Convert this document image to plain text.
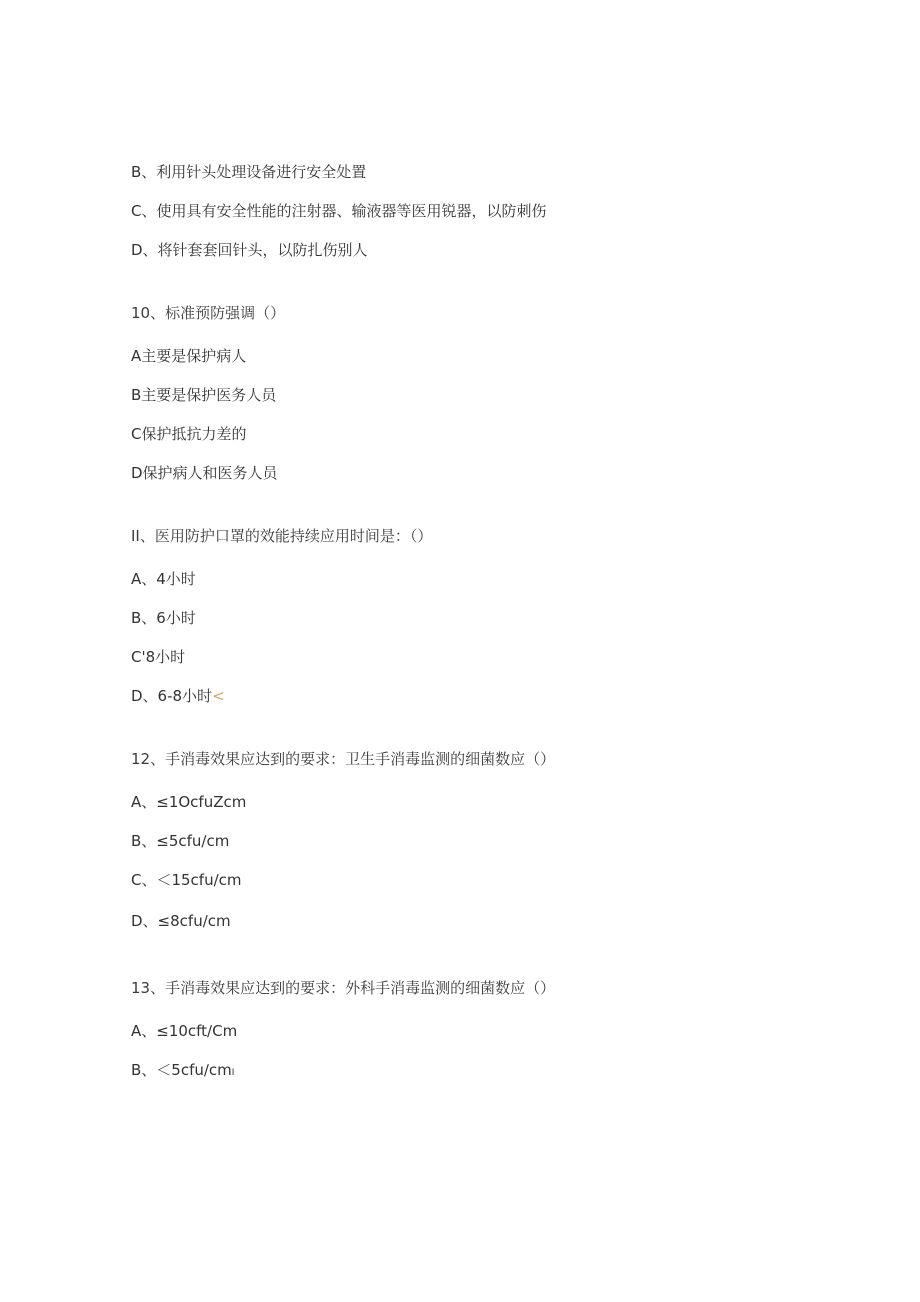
B、利用针头处理设备进行安全处置
C、使用具有安全性能的注射器、输液器等医用锐器，以防刺伤
D、将针套套回针头，以防扎伤别人
10、标准预防强调（）
A主要是保护病人
B主要是保护医务人员
C保护抵抗力差的
D保护病人和医务人员
II、医用防护口罩的效能持续应用时间是：（）
A、4小时
B、6小时
C'8小时
D、6-8小时<
12、手消毒效果应达到的要求：卫生手消毒监测的细菌数应（）
A、≤1OcfuZcm
B、≤5cfu∕cm
C、＜15cfu∕cm
D、≤8cfu∕cm
13、手消毒效果应达到的要求：外科手消毒监测的细菌数应（）
A、≤10cft∕Cm
B、＜5cfu∕cmI
